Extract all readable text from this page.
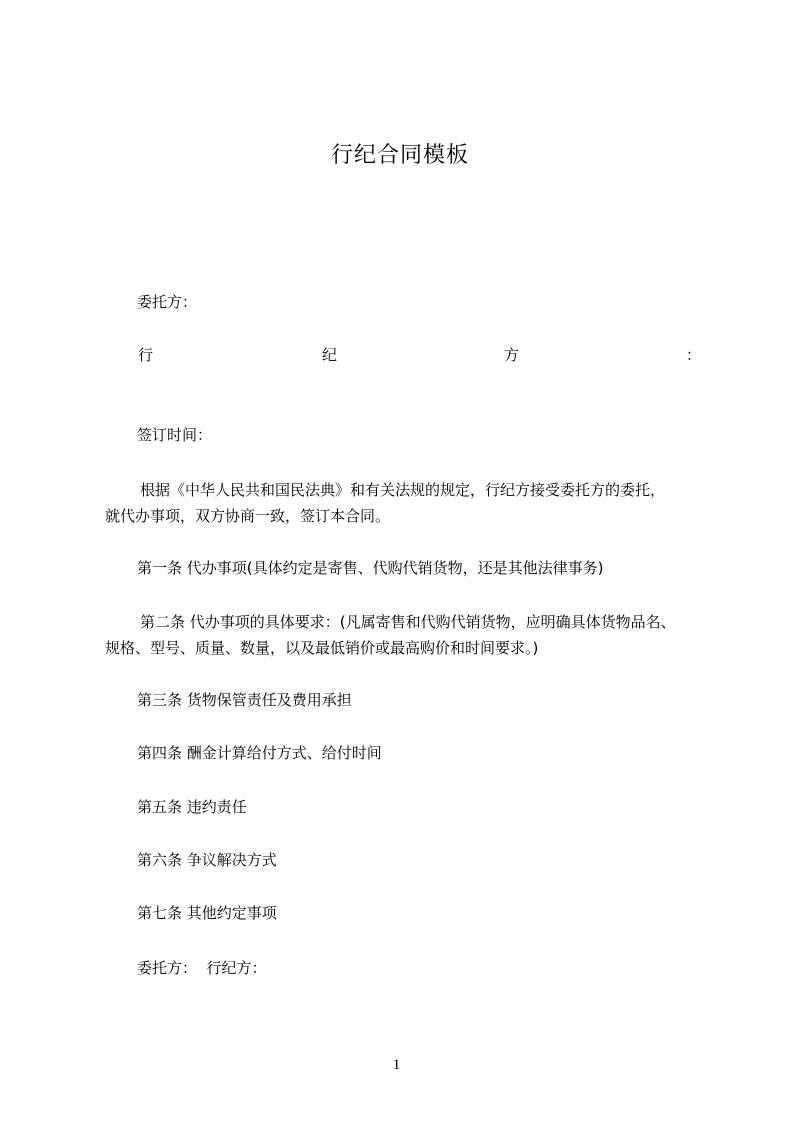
行纪合同模板
委托方：
行	纪	方	：
签订时间：
根据《中华人民共和国民法典》和有关法规的规定，行纪方接受委托方的委托，
就代办事项，双方协商一致，签订本合同。
第一条 代办事项(具体约定是寄售、代购代销货物，还是其他法律事务)
第二条 代办事项的具体要求：(凡属寄售和代购代销货物，应明确具体货物品名、
规格、型号、质量、数量，以及最低销价或最高购价和时间要求。)
第三条 货物保管责任及费用承担
第四条 酬金计算给付方式、给付时间
第五条 违约责任
第六条 争议解决方式
第七条 其他约定事项
委托方：  行纪方：
1
